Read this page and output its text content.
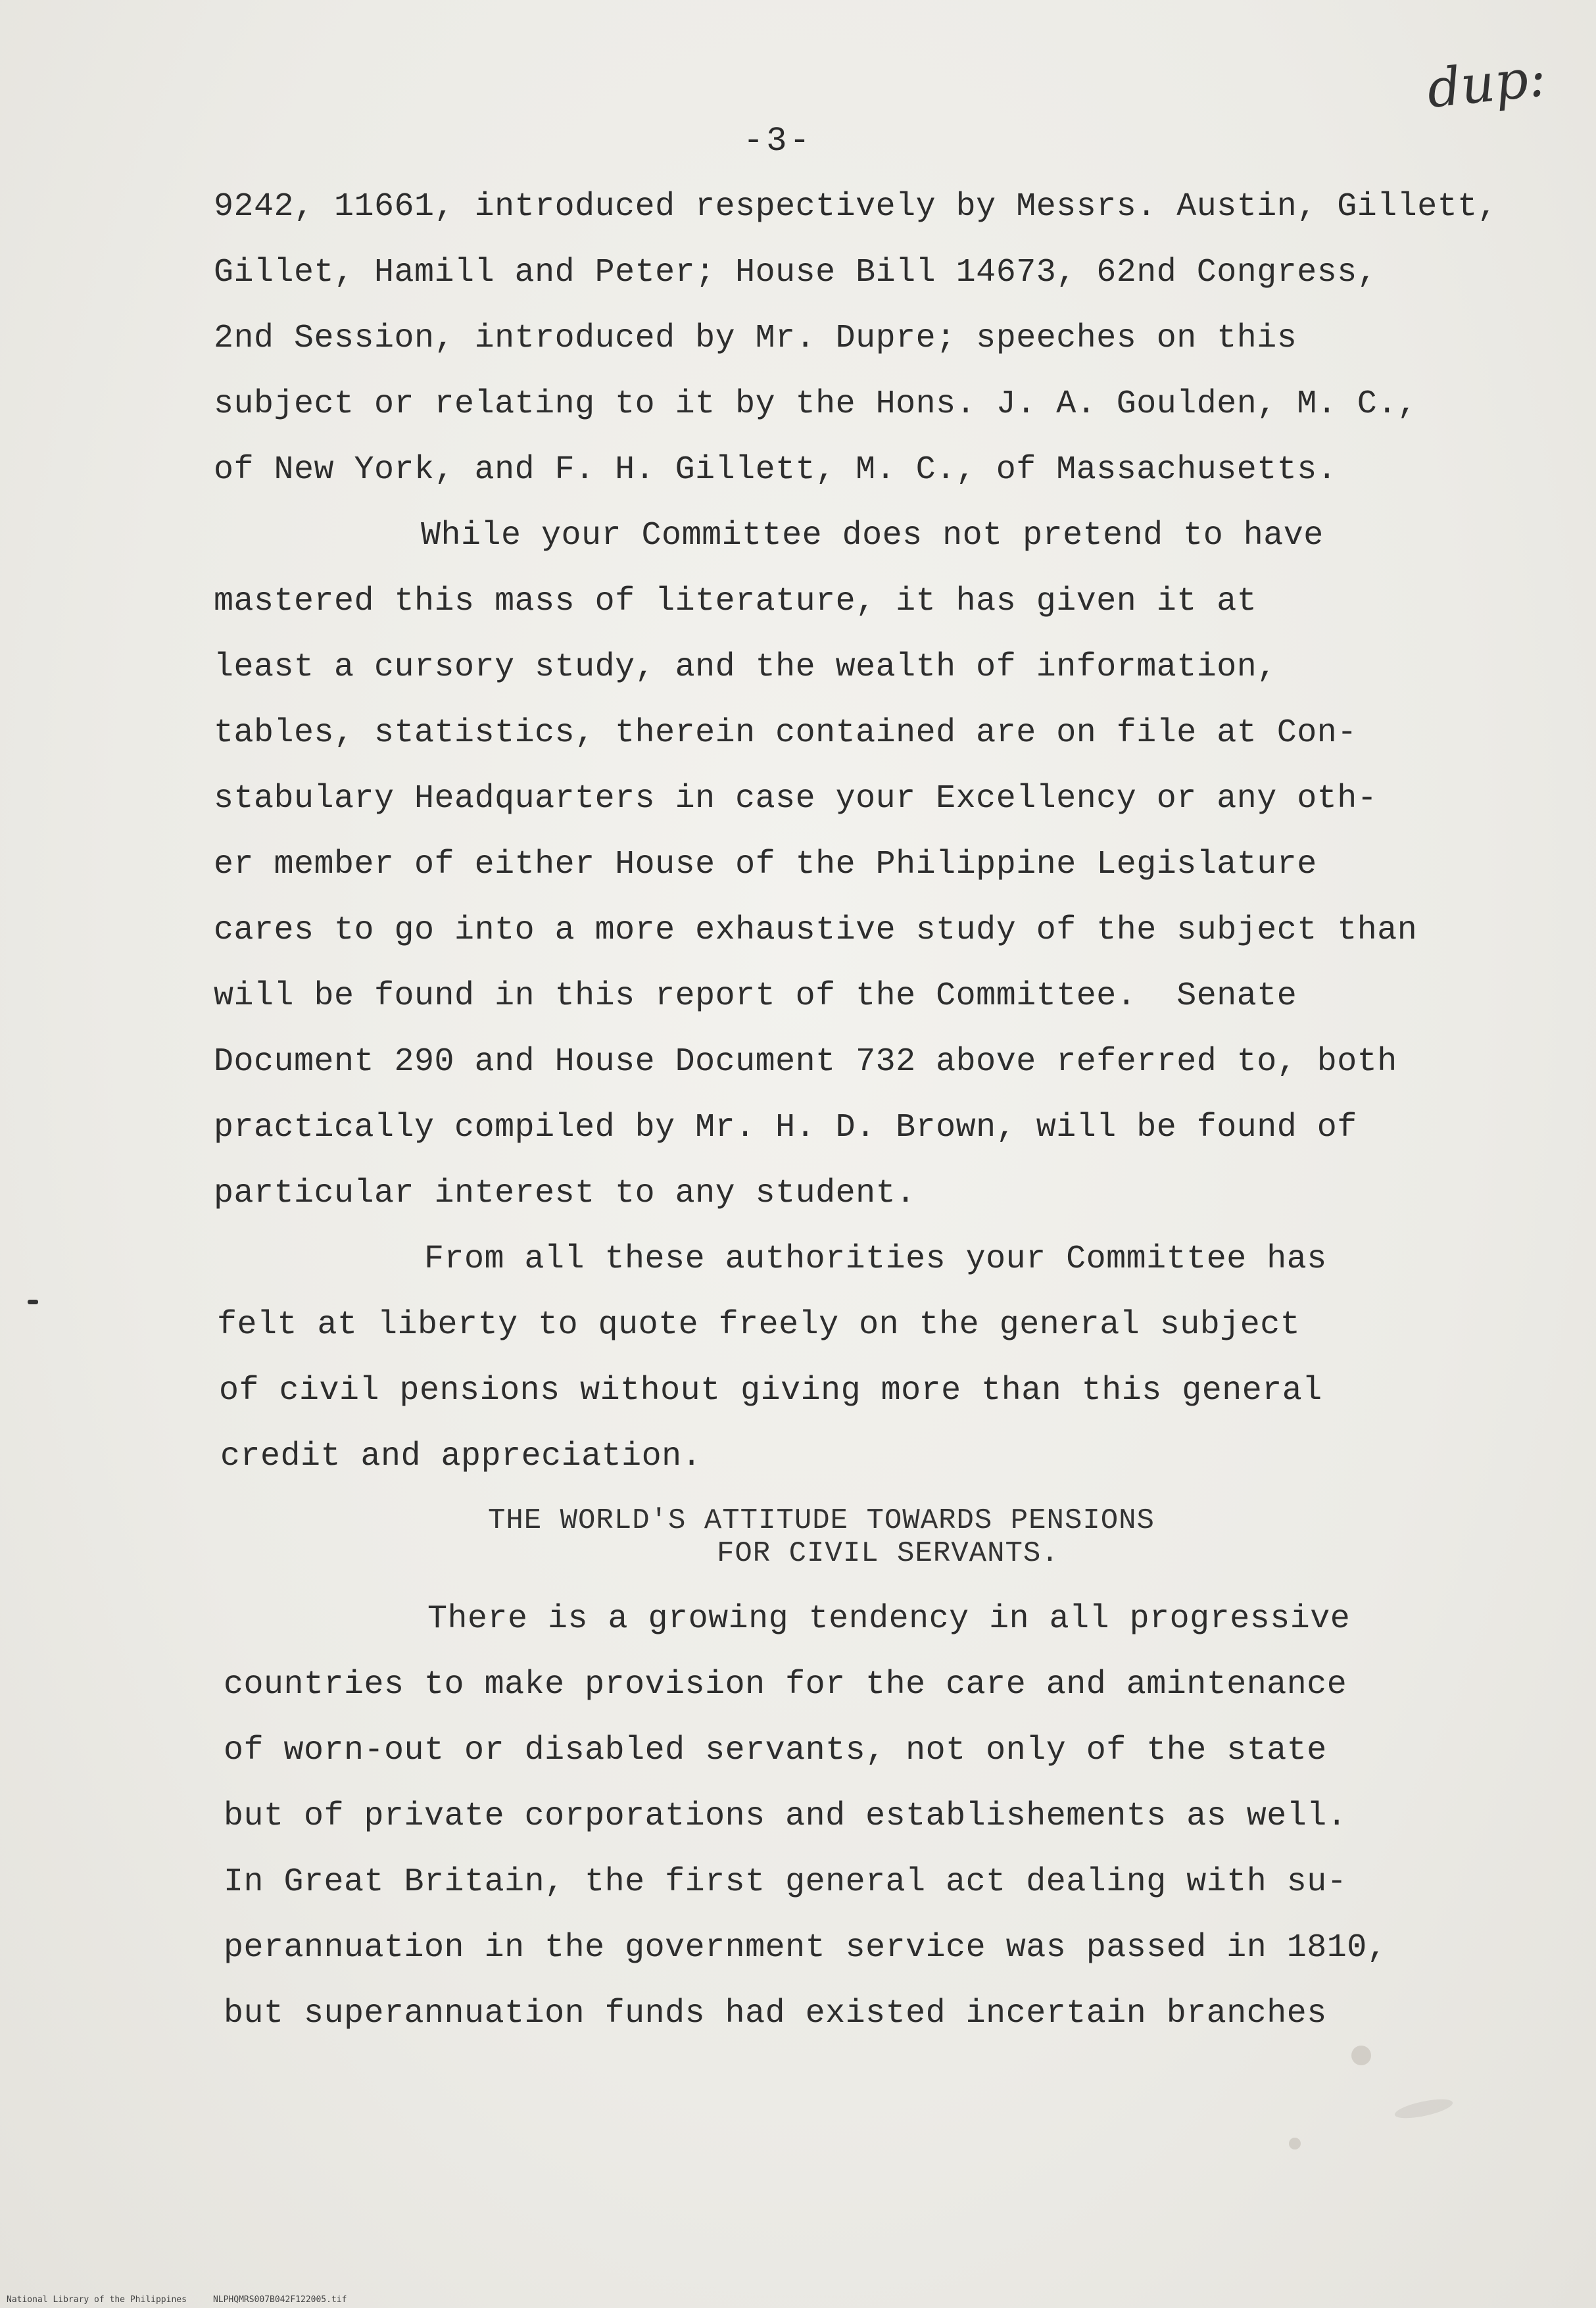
dup:
-3-
9242, 11661, introduced respectively by Messrs. Austin, Gillett,
Gillet, Hamill and Peter; House Bill 14673, 62nd Congress,
2nd Session, introduced by Mr. Dupre; speeches on this
subject or relating to it by the Hons. J. A. Goulden, M. C.,
of New York, and F. H. Gillett, M. C., of Massachusetts.
While your Committee does not pretend to have
mastered this mass of literature, it has given it at
least a cursory study, and the wealth of information,
tables, statistics, therein contained are on file at Con-
stabulary Headquarters in case your Excellency or any oth-
er member of either House of the Philippine Legislature
cares to go into a more exhaustive study of the subject than
will be found in this report of the Committee.  Senate
Document 290 and House Document 732 above referred to, both
practically compiled by Mr. H. D. Brown, will be found of
particular interest to any student.
From all these authorities your Committee has
felt at liberty to quote freely on the general subject
of civil pensions without giving more than this general
credit and appreciation.
THE WORLD'S ATTITUDE TOWARDS PENSIONS
FOR CIVIL SERVANTS.
There is a growing tendency in all progressive
countries to make provision for the care and amintenance
of worn-out or disabled servants, not only of the state
but of private corporations and establishements as well.
In Great Britain, the first general act dealing with su-
perannuation in the government service was passed in 1810,
but superannuation funds had existed incertain branches
National Library of the Philippines	NLPHQMRS007B042F122005.tif
